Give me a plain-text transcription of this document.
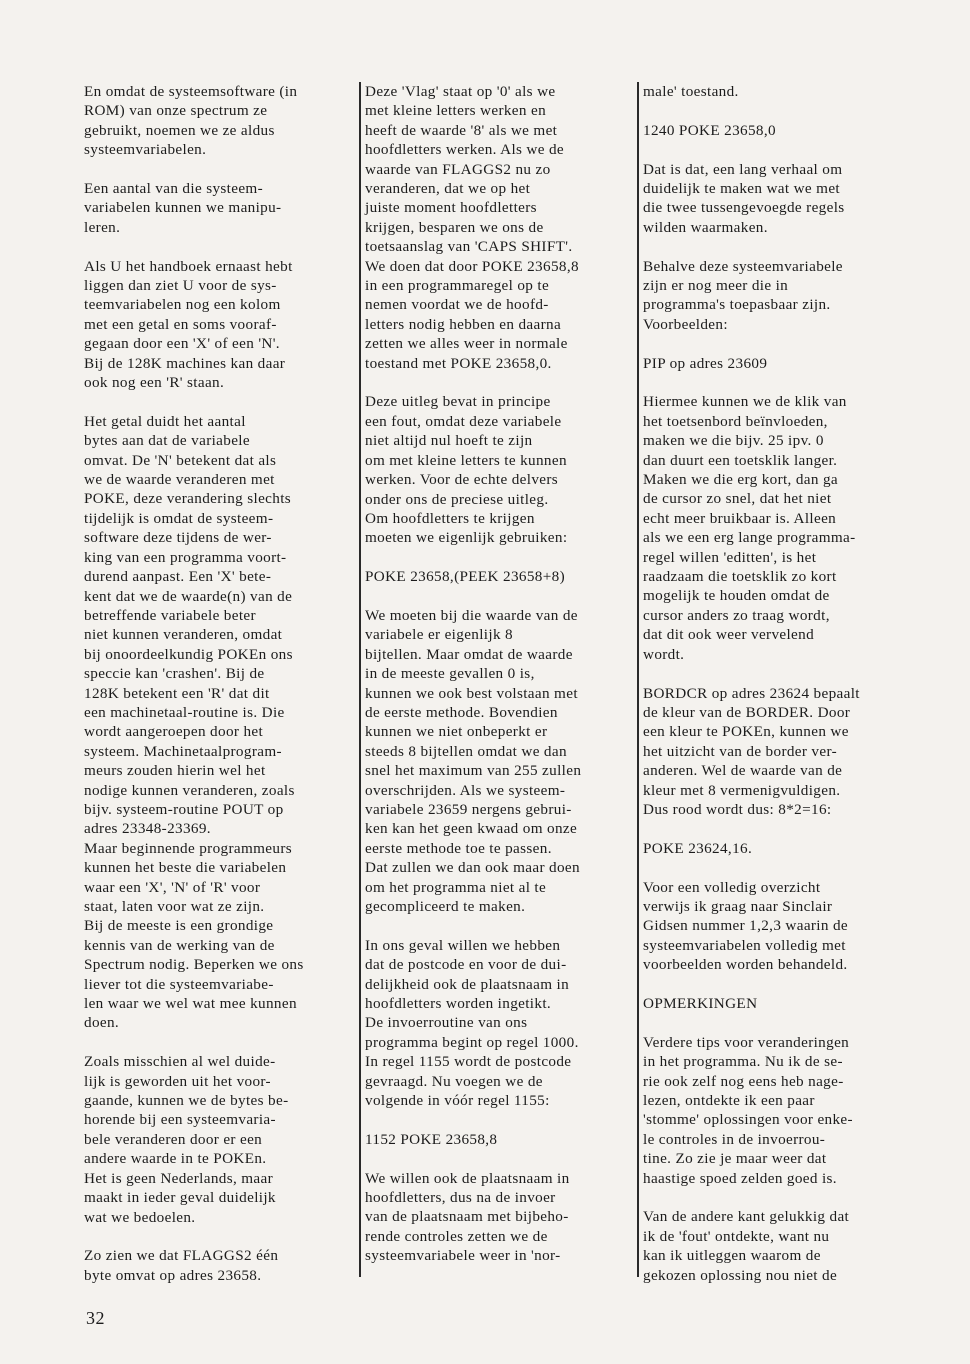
En omdat de systeemsoftware (in
ROM) van onze spectrum ze
gebruikt, noemen we ze aldus
systeemvariabelen.
Een aantal van die systeem-
variabelen kunnen we manipu-
leren.
Als U het handboek ernaast hebt
liggen dan ziet U voor de sys-
teemvariabelen nog een kolom
met een getal en soms vooraf-
gegaan door een 'X' of een 'N'.
Bij de 128K machines kan daar
ook nog een 'R' staan.
Het getal duidt het aantal
bytes aan dat de variabele
omvat. De 'N' betekent dat als
we de waarde veranderen met
POKE, deze verandering slechts
tijdelijk is omdat de systeem-
software deze tijdens de wer-
king van een programma voort-
durend aanpast. Een 'X' bete-
kent dat we de waarde(n) van de
betreffende variabele beter
niet kunnen veranderen, omdat
bij onoordeelkundig POKEn ons
speccie kan 'crashen'. Bij de
128K betekent een 'R' dat dit
een machinetaal-routine is. Die
wordt aangeroepen door het
systeem. Machinetaalprogram-
meurs zouden hierin wel het
nodige kunnen veranderen, zoals
bijv. systeem-routine POUT op
adres 23348-23369.
Maar beginnende programmeurs
kunnen het beste die variabelen
waar een 'X', 'N' of 'R' voor
staat, laten voor wat ze zijn.
Bij de meeste is een grondige
kennis van de werking van de
Spectrum nodig. Beperken we ons
liever tot die systeemvariabe-
len waar we wel wat mee kunnen
doen.
Zoals misschien al wel duide-
lijk is geworden uit het voor-
gaande, kunnen we de bytes be-
horende bij een systeemvaria-
bele veranderen door er een
andere waarde in te POKEn.
Het is geen Nederlands, maar
maakt in ieder geval duidelijk
wat we bedoelen.
Zo zien we dat FLAGGS2 één
byte omvat op adres 23658.
Deze 'Vlag' staat op '0' als we
met kleine letters werken en
heeft de waarde '8' als we met
hoofdletters werken. Als we de
waarde van FLAGGS2 nu zo
veranderen, dat we op het
juiste moment hoofdletters
krijgen, besparen we ons de
toetsaanslag van 'CAPS SHIFT'.
We doen dat door POKE 23658,8
in een programmaregel op te
nemen voordat we de hoofd-
letters nodig hebben en daarna
zetten we alles weer in normale
toestand met POKE 23658,0.
Deze uitleg bevat in principe
een fout, omdat deze variabele
niet altijd nul hoeft te zijn
om met kleine letters te kunnen
werken. Voor de echte delvers
onder ons de preciese uitleg.
Om hoofdletters te krijgen
moeten we eigenlijk gebruiken:
POKE 23658,(PEEK 23658+8)
We moeten bij die waarde van de
variabele er eigenlijk 8
bijtellen. Maar omdat de waarde
in de meeste gevallen 0 is,
kunnen we ook best volstaan met
de eerste methode. Bovendien
kunnen we niet onbeperkt er
steeds 8 bijtellen omdat we dan
snel het maximum van 255 zullen
overschrijden. Als we systeem-
variabele 23659 nergens gebrui-
ken kan het geen kwaad om onze
eerste methode toe te passen.
Dat zullen we dan ook maar doen
om het programma niet al te
gecompliceerd te maken.
In ons geval willen we hebben
dat de postcode en voor de dui-
delijkheid ook de plaatsnaam in
hoofdletters worden ingetikt.
De invoerroutine van ons
programma begint op regel 1000.
In regel 1155 wordt de postcode
gevraagd. Nu voegen we de
volgende in vóór regel 1155:
1152 POKE 23658,8
We willen ook de plaatsnaam in
hoofdletters, dus na de invoer
van de plaatsnaam met bijbeho-
rende controles zetten we de
systeemvariabele weer in 'nor-
male' toestand.
1240 POKE 23658,0
Dat is dat, een lang verhaal om
duidelijk te maken wat we met
die twee tussengevoegde regels
wilden waarmaken.
Behalve deze systeemvariabele
zijn er nog meer die in
programma's toepasbaar zijn.
Voorbeelden:
PIP op adres 23609
Hiermee kunnen we de klik van
het toetsenbord beïnvloeden,
maken we die bijv. 25 ipv. 0
dan duurt een toetsklik langer.
Maken we die erg kort, dan ga
de cursor zo snel, dat het niet
echt meer bruikbaar is. Alleen
als we een erg lange programma-
regel willen 'editten', is het
raadzaam die toetsklik zo kort
mogelijk te houden omdat de
cursor anders zo traag wordt,
dat dit ook weer vervelend
wordt.
BORDCR op adres 23624 bepaalt
de kleur van de BORDER. Door
een kleur te POKEn, kunnen we
het uitzicht van de border ver-
anderen. Wel de waarde van de
kleur met 8 vermenigvuldigen.
Dus rood wordt dus: 8*2=16:
POKE 23624,16.
Voor een volledig overzicht
verwijs ik graag naar Sinclair
Gidsen nummer 1,2,3 waarin de
systeemvariabelen volledig met
voorbeelden worden behandeld.
OPMERKINGEN
Verdere tips voor veranderingen
in het programma. Nu ik de se-
rie ook zelf nog eens heb nage-
lezen, ontdekte ik een paar
'stomme' oplossingen voor enke-
le controles in de invoerrou-
tine. Zo zie je maar weer dat
haastige spoed zelden goed is.
Van de andere kant gelukkig dat
ik de 'fout' ontdekte, want nu
kan ik uitleggen waarom de
gekozen oplossing nou niet de
32
